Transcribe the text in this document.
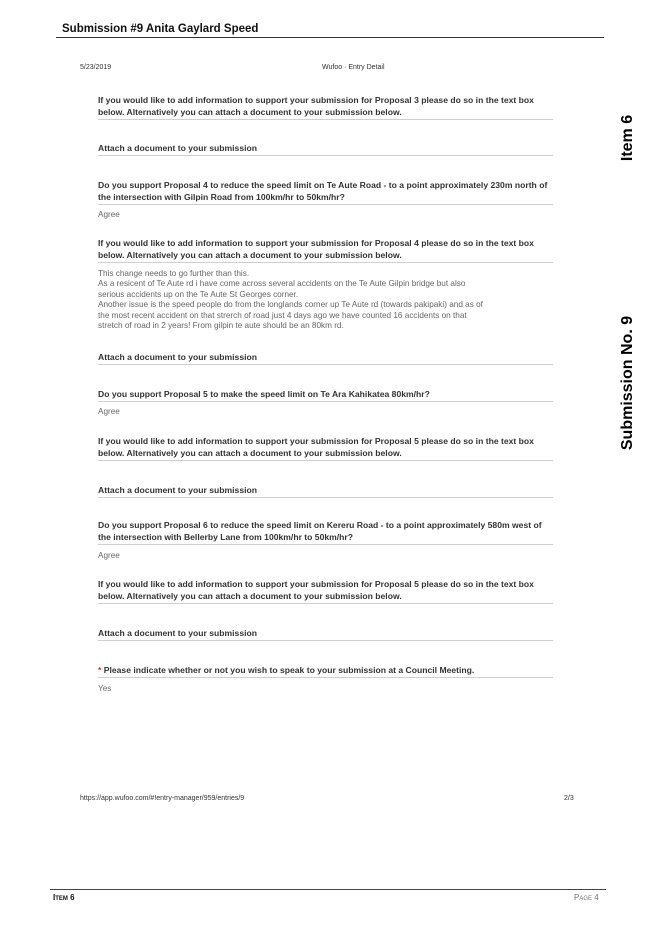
Submission #9 Anita Gaylard Speed
5/23/2019	Wufoo · Entry Detail
Item 6
Submission No. 9
If you would like to add information to support your submission for Proposal 3 please do so in the text box below. Alternatively you can attach a document to your submission below.
Attach a document to your submission
Do you support Proposal 4 to reduce the speed limit on Te Aute Road - to a point approximately 230m north of the intersection with Gilpin Road from 100km/hr to 50km/hr?
Agree
If you would like to add information to support your submission for Proposal 4 please do so in the text box below. Alternatively you can attach a document to your submission below.
This change needs to go further than this.
As a resicent of Te Aute rd i have come across several accidents on the Te Aute Gilpin bridge but also
serious accidents up on the Te Aute St Georges corner.
Another issue is the speed people do from the longlands corner up Te Aute rd (towards pakipaki) and as of
the most recent accident on that strerch of road just 4 days ago we have counted 16 accidents on that
stretch of road in 2 years! From gilpin te aute should be an 80km rd.
Attach a document to your submission
Do you support Proposal 5 to make the speed limit on Te Ara Kahikatea 80km/hr?
Agree
If you would like to add information to support your submission for Proposal 5 please do so in the text box below. Alternatively you can attach a document to your submission below.
Attach a document to your submission
Do you support Proposal 6 to reduce the speed limit on Kereru Road - to a point approximately 580m west of the intersection with Bellerby Lane from 100km/hr to 50km/hr?
Agree
If you would like to add information to support your submission for Proposal 5 please do so in the text box below. Alternatively you can attach a document to your submission below.
Attach a document to your submission
* Please indicate whether or not you wish to speak to your submission at a Council Meeting.
Yes
https://app.wufoo.com/#!entry-manager/959/entries/9	2/3
Item 6	Page 4
